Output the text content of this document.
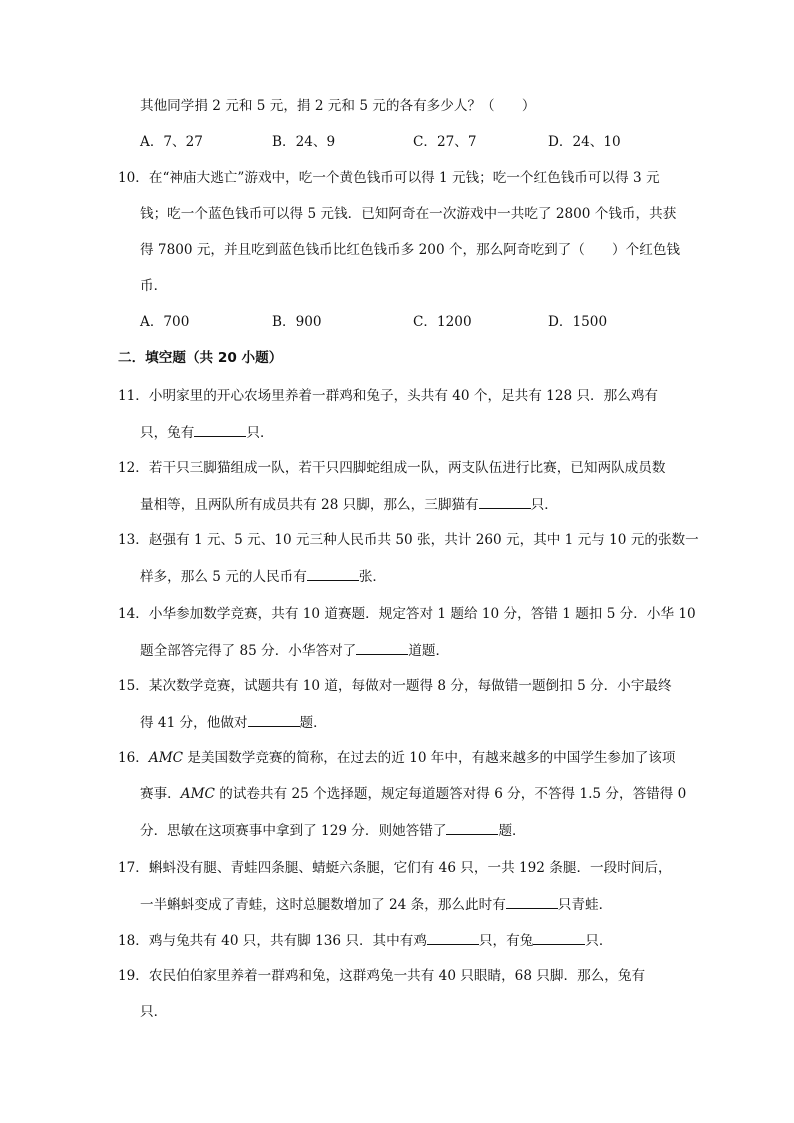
其他同学捐 2 元和 5 元，捐 2 元和 5 元的各有多少人？（　　）
A．7、27	B．24、9	C．27、7	D．24、10
10．在“神庙大逃亡”游戏中，吃一个黄色钱币可以得 1 元钱；吃一个红色钱币可以得 3 元
钱；吃一个蓝色钱币可以得 5 元钱．已知阿奇在一次游戏中一共吃了 2800 个钱币，共获
得 7800 元，并且吃到蓝色钱币比红色钱币多 200 个，那么阿奇吃到了（　　）个红色钱
币．
A．700	B．900	C．1200	D．1500
二．填空题（共 20 小题）
11．小明家里的开心农场里养着一群鸡和兔子，头共有 40 个，足共有 128 只．那么鸡有
只，兔有	只．
12．若干只三脚猫组成一队，若干只四脚蛇组成一队，两支队伍进行比赛，已知两队成员数
量相等，且两队所有成员共有 28 只脚，那么，三脚猫有	只．
13．赵强有 1 元、5 元、10 元三种人民币共 50 张，共计 260 元，其中 1 元与 10 元的张数一
样多，那么 5 元的人民币有	张．
14．小华参加数学竞赛，共有 10 道赛题．规定答对 1 题给 10 分，答错 1 题扣 5 分．小华 10
题全部答完得了 85 分．小华答对了	道题．
15．某次数学竞赛，试题共有 10 道，每做对一题得 8 分，每做错一题倒扣 5 分．小宇最终
得 41 分，他做对	题．
16．AMC 是美国数学竞赛的简称，在过去的近 10 年中，有越来越多的中国学生参加了该项
赛事．AMC 的试卷共有 25 个选择题，规定每道题答对得 6 分，不答得 1.5 分，答错得 0
分．思敏在这项赛事中拿到了 129 分．则她答错了	题．
17．蝌蚪没有腿、青蛙四条腿、蜻蜓六条腿，它们有 46 只，一共 192 条腿．一段时间后，
一半蝌蚪变成了青蛙，这时总腿数增加了 24 条，那么此时有	只青蛙．
18．鸡与兔共有 40 只，共有脚 136 只．其中有鸡	只，有兔	只．
19．农民伯伯家里养着一群鸡和兔，这群鸡兔一共有 40 只眼睛，68 只脚．那么，兔有
只．
